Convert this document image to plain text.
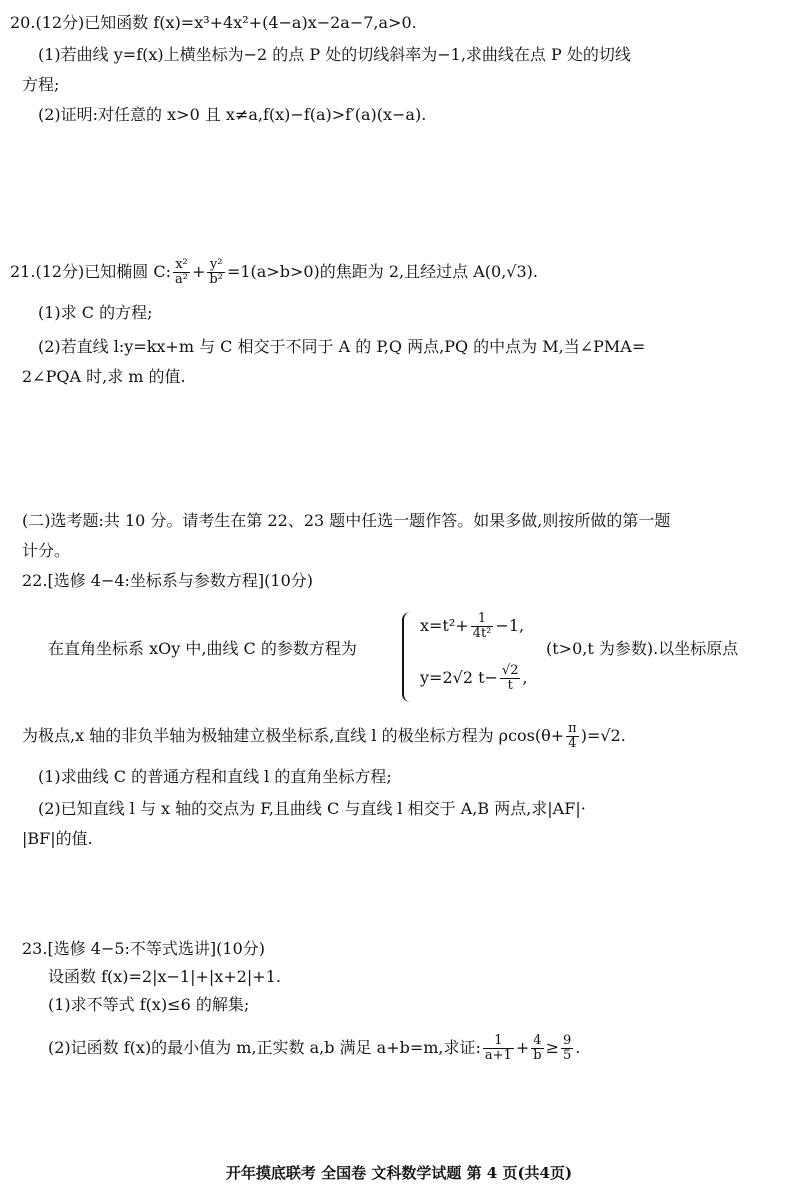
20.(12分)已知函数 f(x)=x³+4x²+(4−a)x−2a−7,a>0.
(1)若曲线 y=f(x)上横坐标为−2 的点 P 处的切线斜率为−1,求曲线在点 P 处的切线
方程;
(2)证明:对任意的 x>0 且 x≠a,f(x)−f(a)>f′(a)(x−a).
21.(12分)已知椭圆 C: $\frac{\text{x²}}{\text{a²}} + \frac{\text{y²}}{\text{b²}} =1(a>b>0)$的焦距为 2,且经过点 A(0,√3).
(1)求 C 的方程;
(2)若直线 l:y=kx+m 与 C 相交于不同于 A 的 P,Q 两点,PQ 的中点为 M,当∠PMA=
2∠PQA 时,求 m 的值.
(二)选考题:共 10 分。请考生在第 22、23 题中任选一题作答。如果多做,则按所做的第一题
计分。
22.[选修 4−4:坐标系与参数方程](10分)
在直角坐标系 xOy 中,曲线 C 的参数方程为
$x=t^2+ \frac{1}{\text{4t²}} -1$,
y=2√2 $t- \frac{√2}{t}$ ,
(t>0,t 为参数).以坐标原点
为极点,x 轴的非负半轴为极轴建立极坐标系,直线 l 的极坐标方程为 $\rho\cos(\theta+ \frac{\pi}{4} )=√2$.
(1)求曲线 C 的普通方程和直线 l 的直角坐标方程;
(2)已知直线 l 与 x 轴的交点为 F,且曲线 C 与直线 l 相交于 A,B 两点,求|AF|·
|BF|的值.
23.[选修 4−5:不等式选讲](10分)
设函数 f(x)=2|x−1|+|x+2|+1.
(1)求不等式 f(x)≤6 的解集;
(2)记函数 f(x)的最小值为 m,正实数 a,b 满足 a+b=m,求证: $\frac{1}{a+1} + \frac{4}{b} \ge \frac{9}{5}$ .
开年摸底联考 全国卷 文科数学试题 第 4 页(共4页)
